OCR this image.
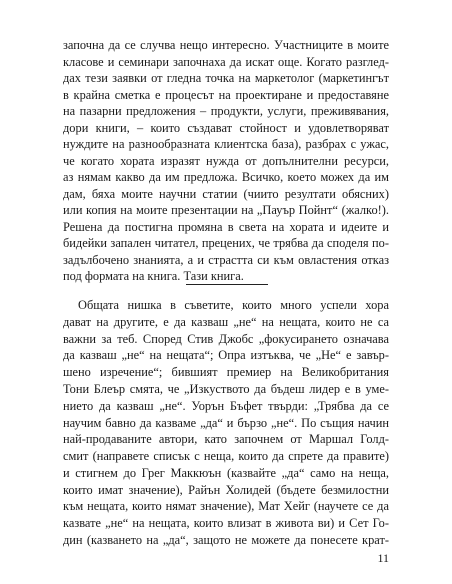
започна да се случва нещо интересно. Участниците в моите
класове и семинари започнаха да искат още. Когато разглед-
дах тези заявки от гледна точка на маркетолог (маркетингът
в крайна сметка е процесът на проектиране и предоставяне
на пазарни предложения – продукти, услуги, преживявания,
дори книги, – които създават стойност и удовлетворяват
нуждите на разнообразната клиентска база), разбрах с ужас,
че когато хората изразят нужда от допълнителни ресурси,
аз нямам какво да им предложа. Всичко, което можех да им
дам, бяха моите научни статии (чиито резултати обясних)
или копия на моите презентации на „Пауър Пойнт“ (жалко!).
Решена да постигна промяна в света на хората и идеите и
бидейки запален читател, прецених, че трябва да споделя по-
задълбочено знанията, а и страстта си към овластения отказ
под формата на книга. Тази книга.
Общата нишка в съветите, които много успели хора
дават на другите, е да казваш „не“ на нещата, които не са
важни за теб. Според Стив Джобс „фокусирането означава
да казваш „не“ на нещата“; Опра изтъква, че „Не“ е завър-
шено изречение“; бившият премиер на Великобритания
Тони Блеър смята, че „Изкуството да бъдеш лидер е в уме-
нието да казваш „не“. Уорън Бъфет твърди: „Трябва да се
научим бавно да казваме „да“ и бързо „не“. По същия начин
най-продаваните автори, като започнем от Маршал Голд-
смит (направете списък с неща, които да спрете да правите)
и стигнем до Грег Маккюън (казвайте „да“ само на неща,
които имат значение), Райън Холидей (бъдете безмилостни
към нещата, които нямат значение), Мат Хейг (научете се да
казвате „не“ на нещата, които влизат в живота ви) и Сет Го-
дин (казването на „да“, защото не можете да понесете крат-
11
